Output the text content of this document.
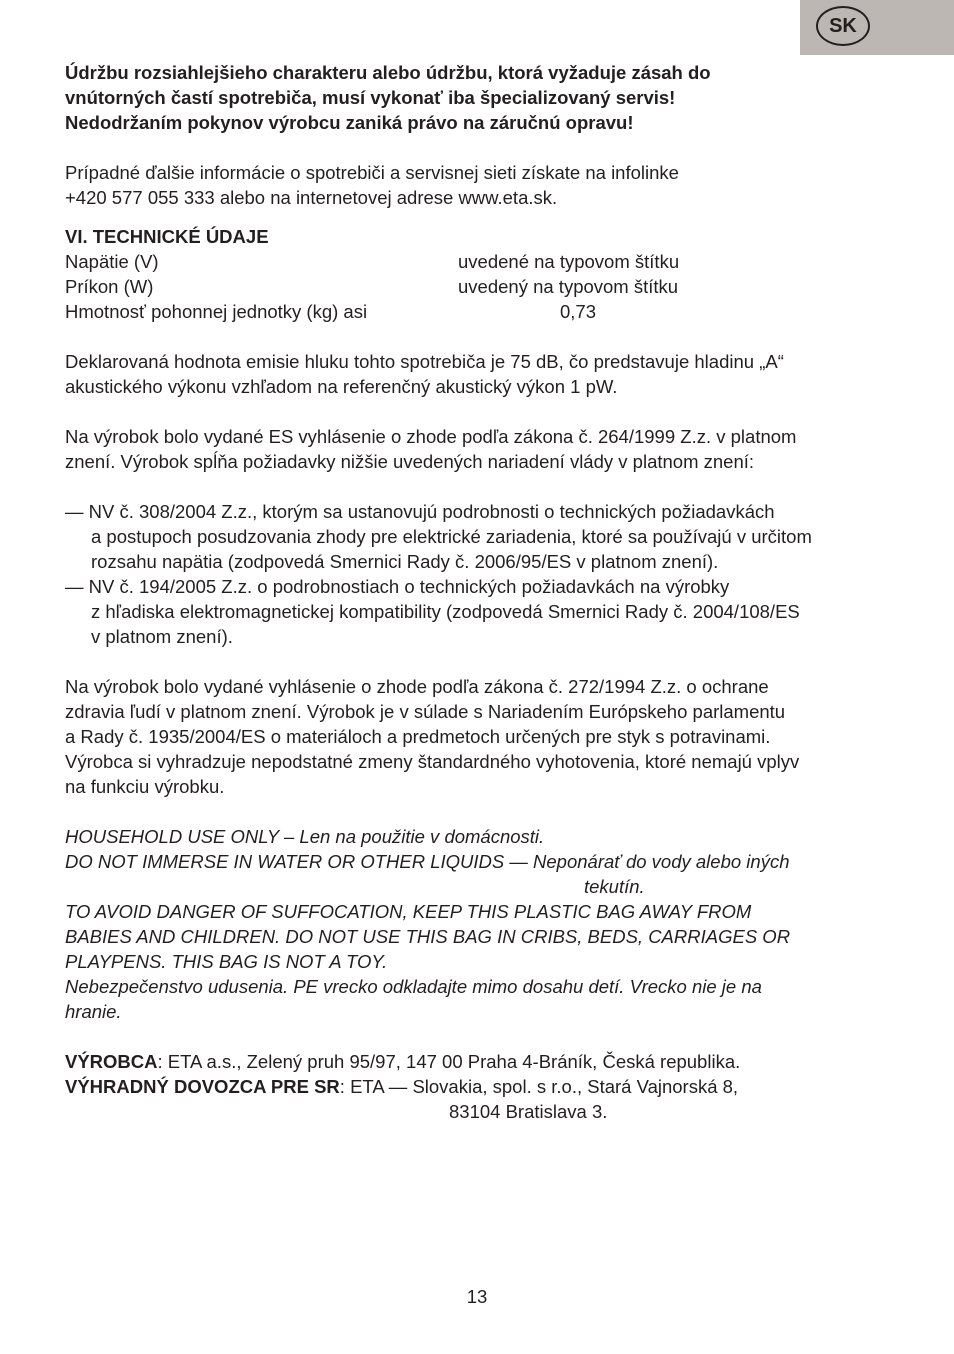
SK
Údržbu rozsiahlejšieho charakteru alebo údržbu, ktorá vyžaduje zásah do
vnútorných častí spotrebiča, musí vykonať iba špecializovaný servis!
Nedodržaním pokynov výrobcu zaniká právo na záručnú opravu!
Prípadné ďalšie informácie o spotrebiči a servisnej sieti získate na infolinke
+420 577 055 333 alebo na internetovej adrese www.eta.sk.
VI. TECHNICKÉ ÚDAJE
Napätie (V)	uvedené na typovom štítku
Príkon (W)	uvedený na typovom štítku
Hmotnosť pohonnej jednotky (kg) asi	0,73
Deklarovaná hodnota emisie hluku tohto spotrebiča je 75 dB, čo predstavuje hladinu „A“
akustického výkonu vzhľadom na referenčný akustický výkon 1 pW.
Na výrobok bolo vydané ES vyhlásenie o zhode podľa zákona č. 264/1999 Z.z. v platnom
znení. Výrobok spĺňa požiadavky nižšie uvedených nariadení vlády v platnom znení:
— NV č. 308/2004 Z.z., ktorým sa ustanovujú podrobnosti o technických požiadavkách
a postupoch posudzovania zhody pre elektrické zariadenia, ktoré sa používajú v určitom
rozsahu napätia (zodpovedá Smernici Rady č. 2006/95/ES v platnom znení).
— NV č. 194/2005 Z.z. o podrobnostiach o technických požiadavkách na výrobky
z hľadiska elektromagnetickej kompatibility (zodpovedá Smernici Rady č. 2004/108/ES
v platnom znení).
Na výrobok bolo vydané vyhlásenie o zhode podľa zákona č. 272/1994 Z.z. o ochrane
zdravia ľudí v platnom znení. Výrobok je v súlade s Nariadením Európskeho parlamentu
a Rady č. 1935/2004/ES o materiáloch a predmetoch určených pre styk s potravinami.
Výrobca si vyhradzuje nepodstatné zmeny štandardného vyhotovenia, ktoré nemajú vplyv
na funkciu výrobku.
HOUSEHOLD USE ONLY – Len na použitie v domácnosti.
DO NOT IMMERSE IN WATER OR OTHER LIQUIDS — Neponárať do vody alebo iných
tekutín.
TO AVOID DANGER OF SUFFOCATION, KEEP THIS PLASTIC BAG AWAY FROM
BABIES AND CHILDREN. DO NOT USE THIS BAG IN CRIBS, BEDS, CARRIAGES OR
PLAYPENS. THIS BAG IS NOT A TOY.
Nebezpečenstvo udusenia. PE vrecko odkladajte mimo dosahu detí. Vrecko nie je na
hranie.
VÝROBCA: ETA a.s., Zelený pruh 95/97, 147 00 Praha 4-Bráník, Česká republika.
VÝHRADNÝ DOVOZCA PRE SR: ETA — Slovakia, spol. s r.o., Stará Vajnorská 8,
83104 Bratislava 3.
13
